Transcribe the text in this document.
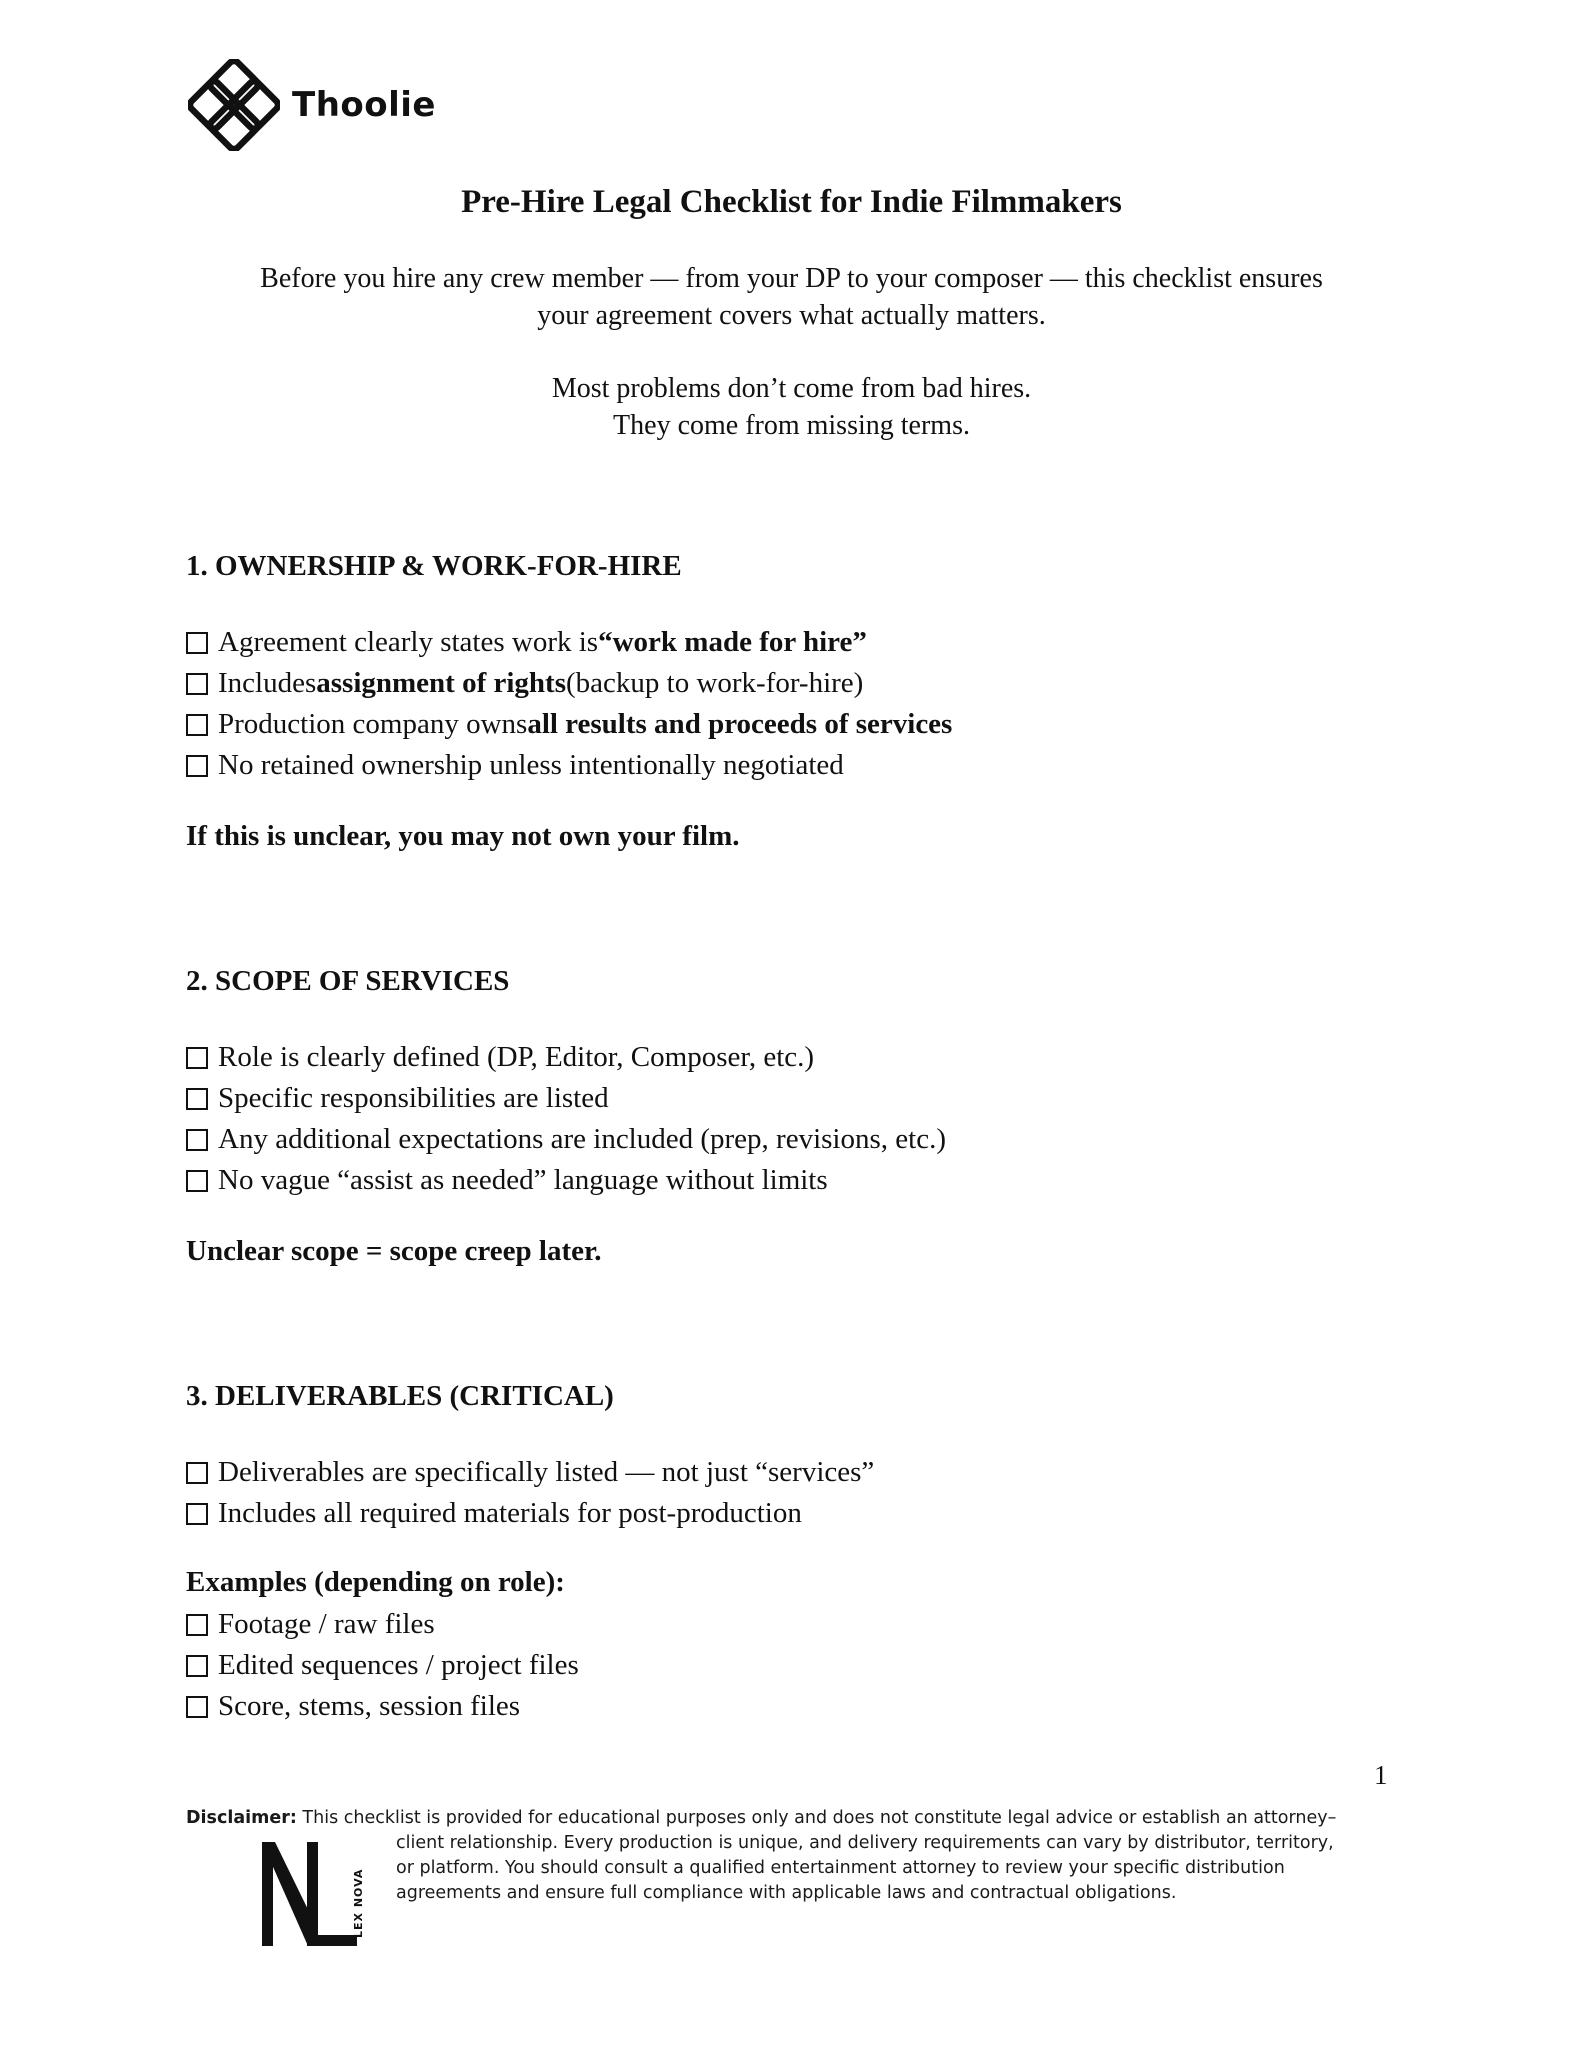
Thoolie
Pre-Hire Legal Checklist for Indie Filmmakers
Before you hire any crew member — from your DP to your composer — this checklist ensures
your agreement covers what actually matters.
Most problems don’t come from bad hires.
They come from missing terms.
1. OWNERSHIP & WORK-FOR-HIRE
Agreement clearly states work is “work made for hire”
Includes assignment of rights (backup to work-for-hire)
Production company owns all results and proceeds of services
No retained ownership unless intentionally negotiated
If this is unclear, you may not own your film.
2. SCOPE OF SERVICES
Role is clearly defined (DP, Editor, Composer, etc.)
Specific responsibilities are listed
Any additional expectations are included (prep, revisions, etc.)
No vague “assist as needed” language without limits
Unclear scope = scope creep later.
3. DELIVERABLES (CRITICAL)
Deliverables are specifically listed — not just “services”
Includes all required materials for post-production
Examples (depending on role):
Footage / raw files
Edited sequences / project files
Score, stems, session files
1
Disclaimer: This checklist is provided for educational purposes only and does not constitute legal advice or establish an attorney–
client relationship. Every production is unique, and delivery requirements can vary by distributor, territory,
or platform. You should consult a qualified entertainment attorney to review your specific distribution
agreements and ensure full compliance with applicable laws and contractual obligations.
LEX NOVA
